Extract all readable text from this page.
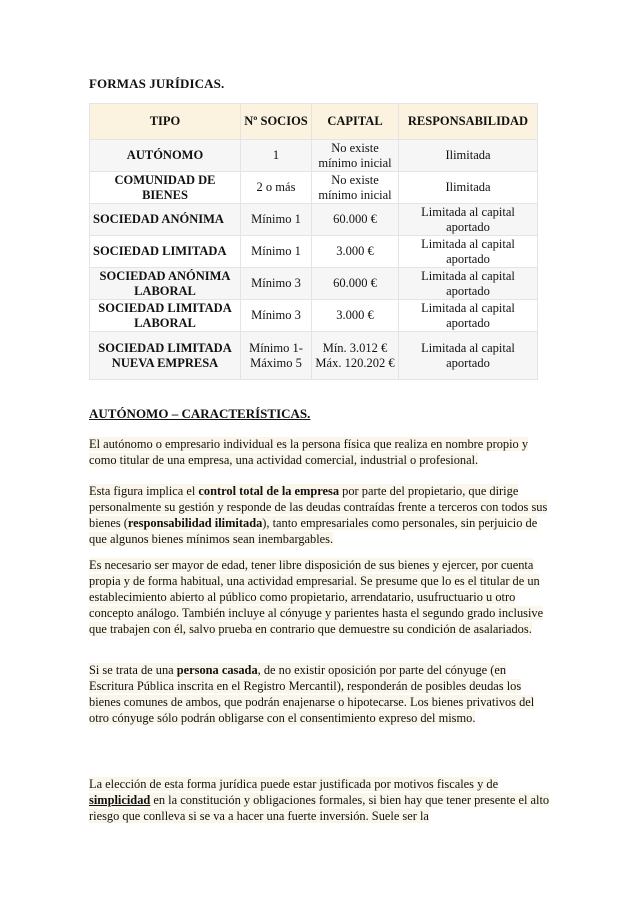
FORMAS JURÍDICAS.
TIPO	Nº SOCIOS	CAPITAL	RESPONSABILIDAD
AUTÓNOMO	1	No existe mínimo inicial	Ilimitada
COMUNIDAD DE BIENES	2 o más	No existe mínimo inicial	Ilimitada
SOCIEDAD ANÓNIMA	Mínimo 1	60.000 €	Limitada al capital aportado
SOCIEDAD LIMITADA	Mínimo 1	3.000 €	Limitada al capital aportado
SOCIEDAD ANÓNIMA LABORAL	Mínimo 3	60.000 €	Limitada al capital aportado
SOCIEDAD LIMITADA LABORAL	Mínimo 3	3.000 €	Limitada al capital aportado
SOCIEDAD LIMITADA NUEVA EMPRESA	Mínimo 1- Máximo 5	Mín. 3.012 € Máx. 120.202 €	Limitada al capital aportado
AUTÓNOMO – CARACTERÍSTICAS.

El autónomo o empresario individual es la persona física que realiza en nombre propio y como titular de una empresa, una actividad comercial, industrial o profesional.

Esta figura implica el control total de la empresa por parte del propietario, que dirige personalmente su gestión y responde de las deudas contraídas frente a terceros con todos sus bienes (responsabilidad ilimitada), tanto empresariales como personales, sin perjuicio de que algunos bienes mínimos sean inembargables.

Es necesario ser mayor de edad, tener libre disposición de sus bienes y ejercer, por cuenta propia y de forma habitual, una actividad empresarial. Se presume que lo es el titular de un establecimiento abierto al público como propietario, arrendatario, usufructuario u otro concepto análogo. También incluye al cónyuge y parientes hasta el segundo grado inclusive que trabajen con él, salvo prueba en contrario que demuestre su condición de asalariados.

Si se trata de una persona casada, de no existir oposición por parte del cónyuge (en Escritura Pública inscrita en el Registro Mercantil), responderán de posibles deudas los bienes comunes de ambos, que podrán enajenarse o hipotecarse. Los bienes privativos del otro cónyuge sólo podrán obligarse con el consentimiento expreso del mismo.

La elección de esta forma jurídica puede estar justificada por motivos fiscales y de simplicidad en la constitución y obligaciones formales, si bien hay que tener presente el alto riesgo que conlleva si se va a hacer una fuerte inversión. Suele ser la
